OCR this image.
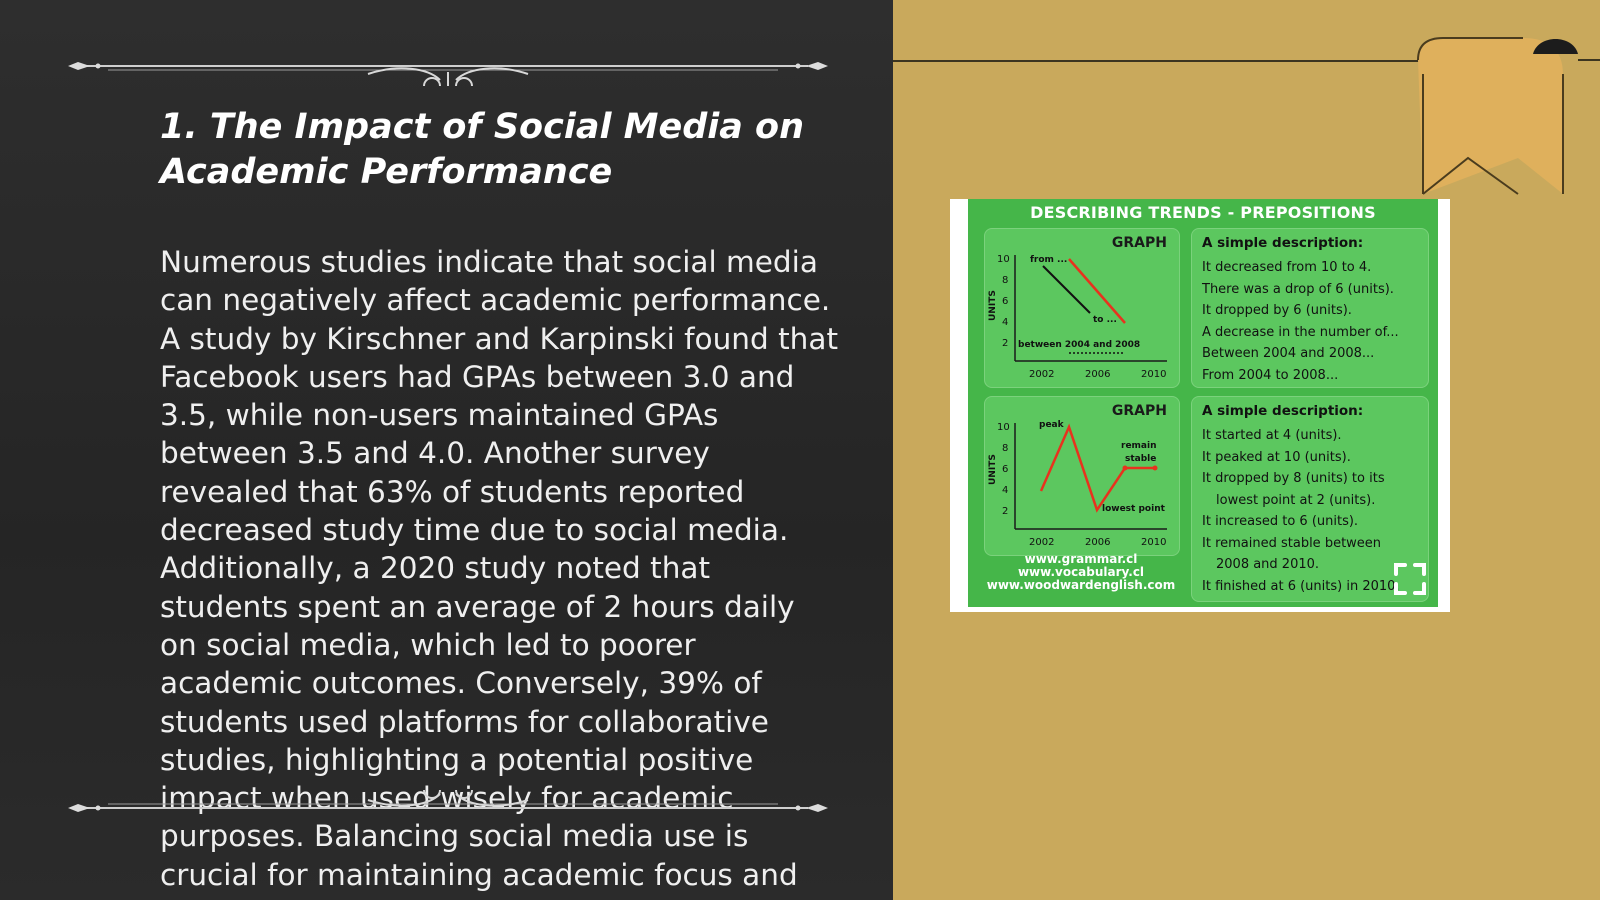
1. The Impact of Social Media on Academic Performance

Numerous studies indicate that social media can negatively affect academic performance. A study by Kirschner and Karpinski found that Facebook users had GPAs between 3.0 and 3.5, while non-users maintained GPAs between 3.5 and 4.0. Another survey revealed that 63% of students reported decreased study time due to social media. Additionally, a 2020 study noted that students spent an average of 2 hours daily on social media, which led to poorer academic outcomes. Conversely, 39% of students used platforms for collaborative studies, highlighting a potential positive impact when used wisely for academic purposes. Balancing social media use is crucial for maintaining academic focus and

DESCRIBING TRENDS - PREPOSITIONS
10
8
6
4
2
UNITS
2002	2006	2010
from ...
to ...
between 2004 and 2008
GRAPH	A simple description:
It decreased from 10 to 4.
There was a drop of 6 (units).
It dropped by 6 (units).
A decrease in the number of...
Between 2004 and 2008...
From 2004 to 2008...
10
8
6
4
2
UNITS
2002	2006	2010
peak
remain
stable
lowest point
GRAPH	A simple description:
It started at 4 (units).
It peaked at 10 (units).
It dropped by 8 (units) to its
lowest point at 2 (units).
It increased to 6 (units).
It remained stable between
2008 and 2010.
It finished at 6 (units) in 2010.
www.grammar.cl
www.vocabulary.cl
www.woodwardenglish.com
